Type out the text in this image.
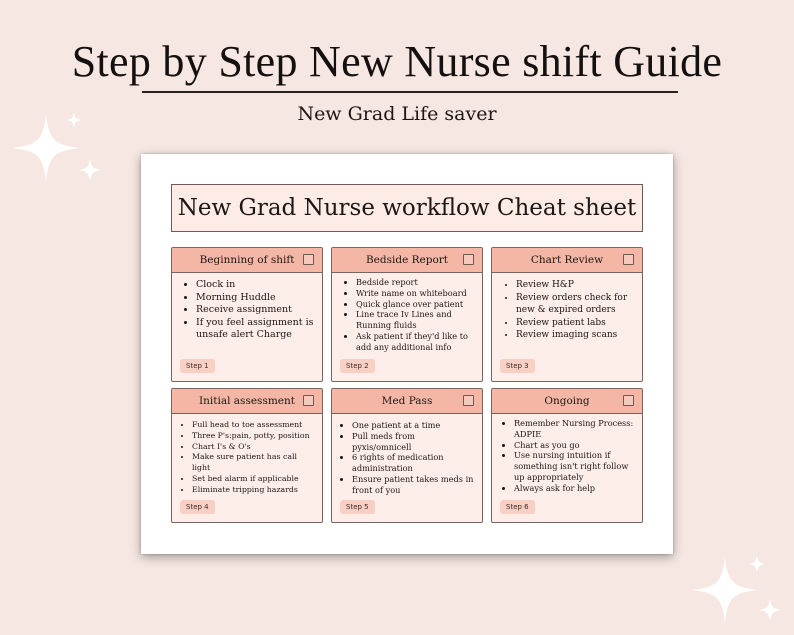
Step by Step New Nurse shift Guide
New Grad Life saver
New Grad Nurse workflow Cheat sheet
Beginning of shift
• Clock in
• Morning Huddle
• Receive assignment
• If you feel assignment is unsafe alert Charge
Step 1
Bedside Report
• Bedside report
• Write name on whiteboard
• Quick glance over patient
• Line trace Iv Lines and Running fluids
• Ask patient if they'd like to add any additional info
Step 2
Chart Review
• Review H&P
• Review orders check for new & expired orders
• Review patient labs
• Review imaging scans
Step 3
Initial assessment
• Full head to toe assessment
• Three P's:pain, potty, position
• Chart I's & O's
• Make sure patient has call light
• Set bed alarm if applicable
• Eliminate tripping hazards
Step 4
Med Pass
• One patient at a time
• Pull meds from pyxis/omnicell
• 6 rights of medication administration
• Ensure patient takes meds in front of you
Step 5
Ongoing
• Remember Nursing Process: ADPIE
• Chart as you go
• Use nursing intuition if something isn't right follow up appropriately
• Always ask for help
Step 6
